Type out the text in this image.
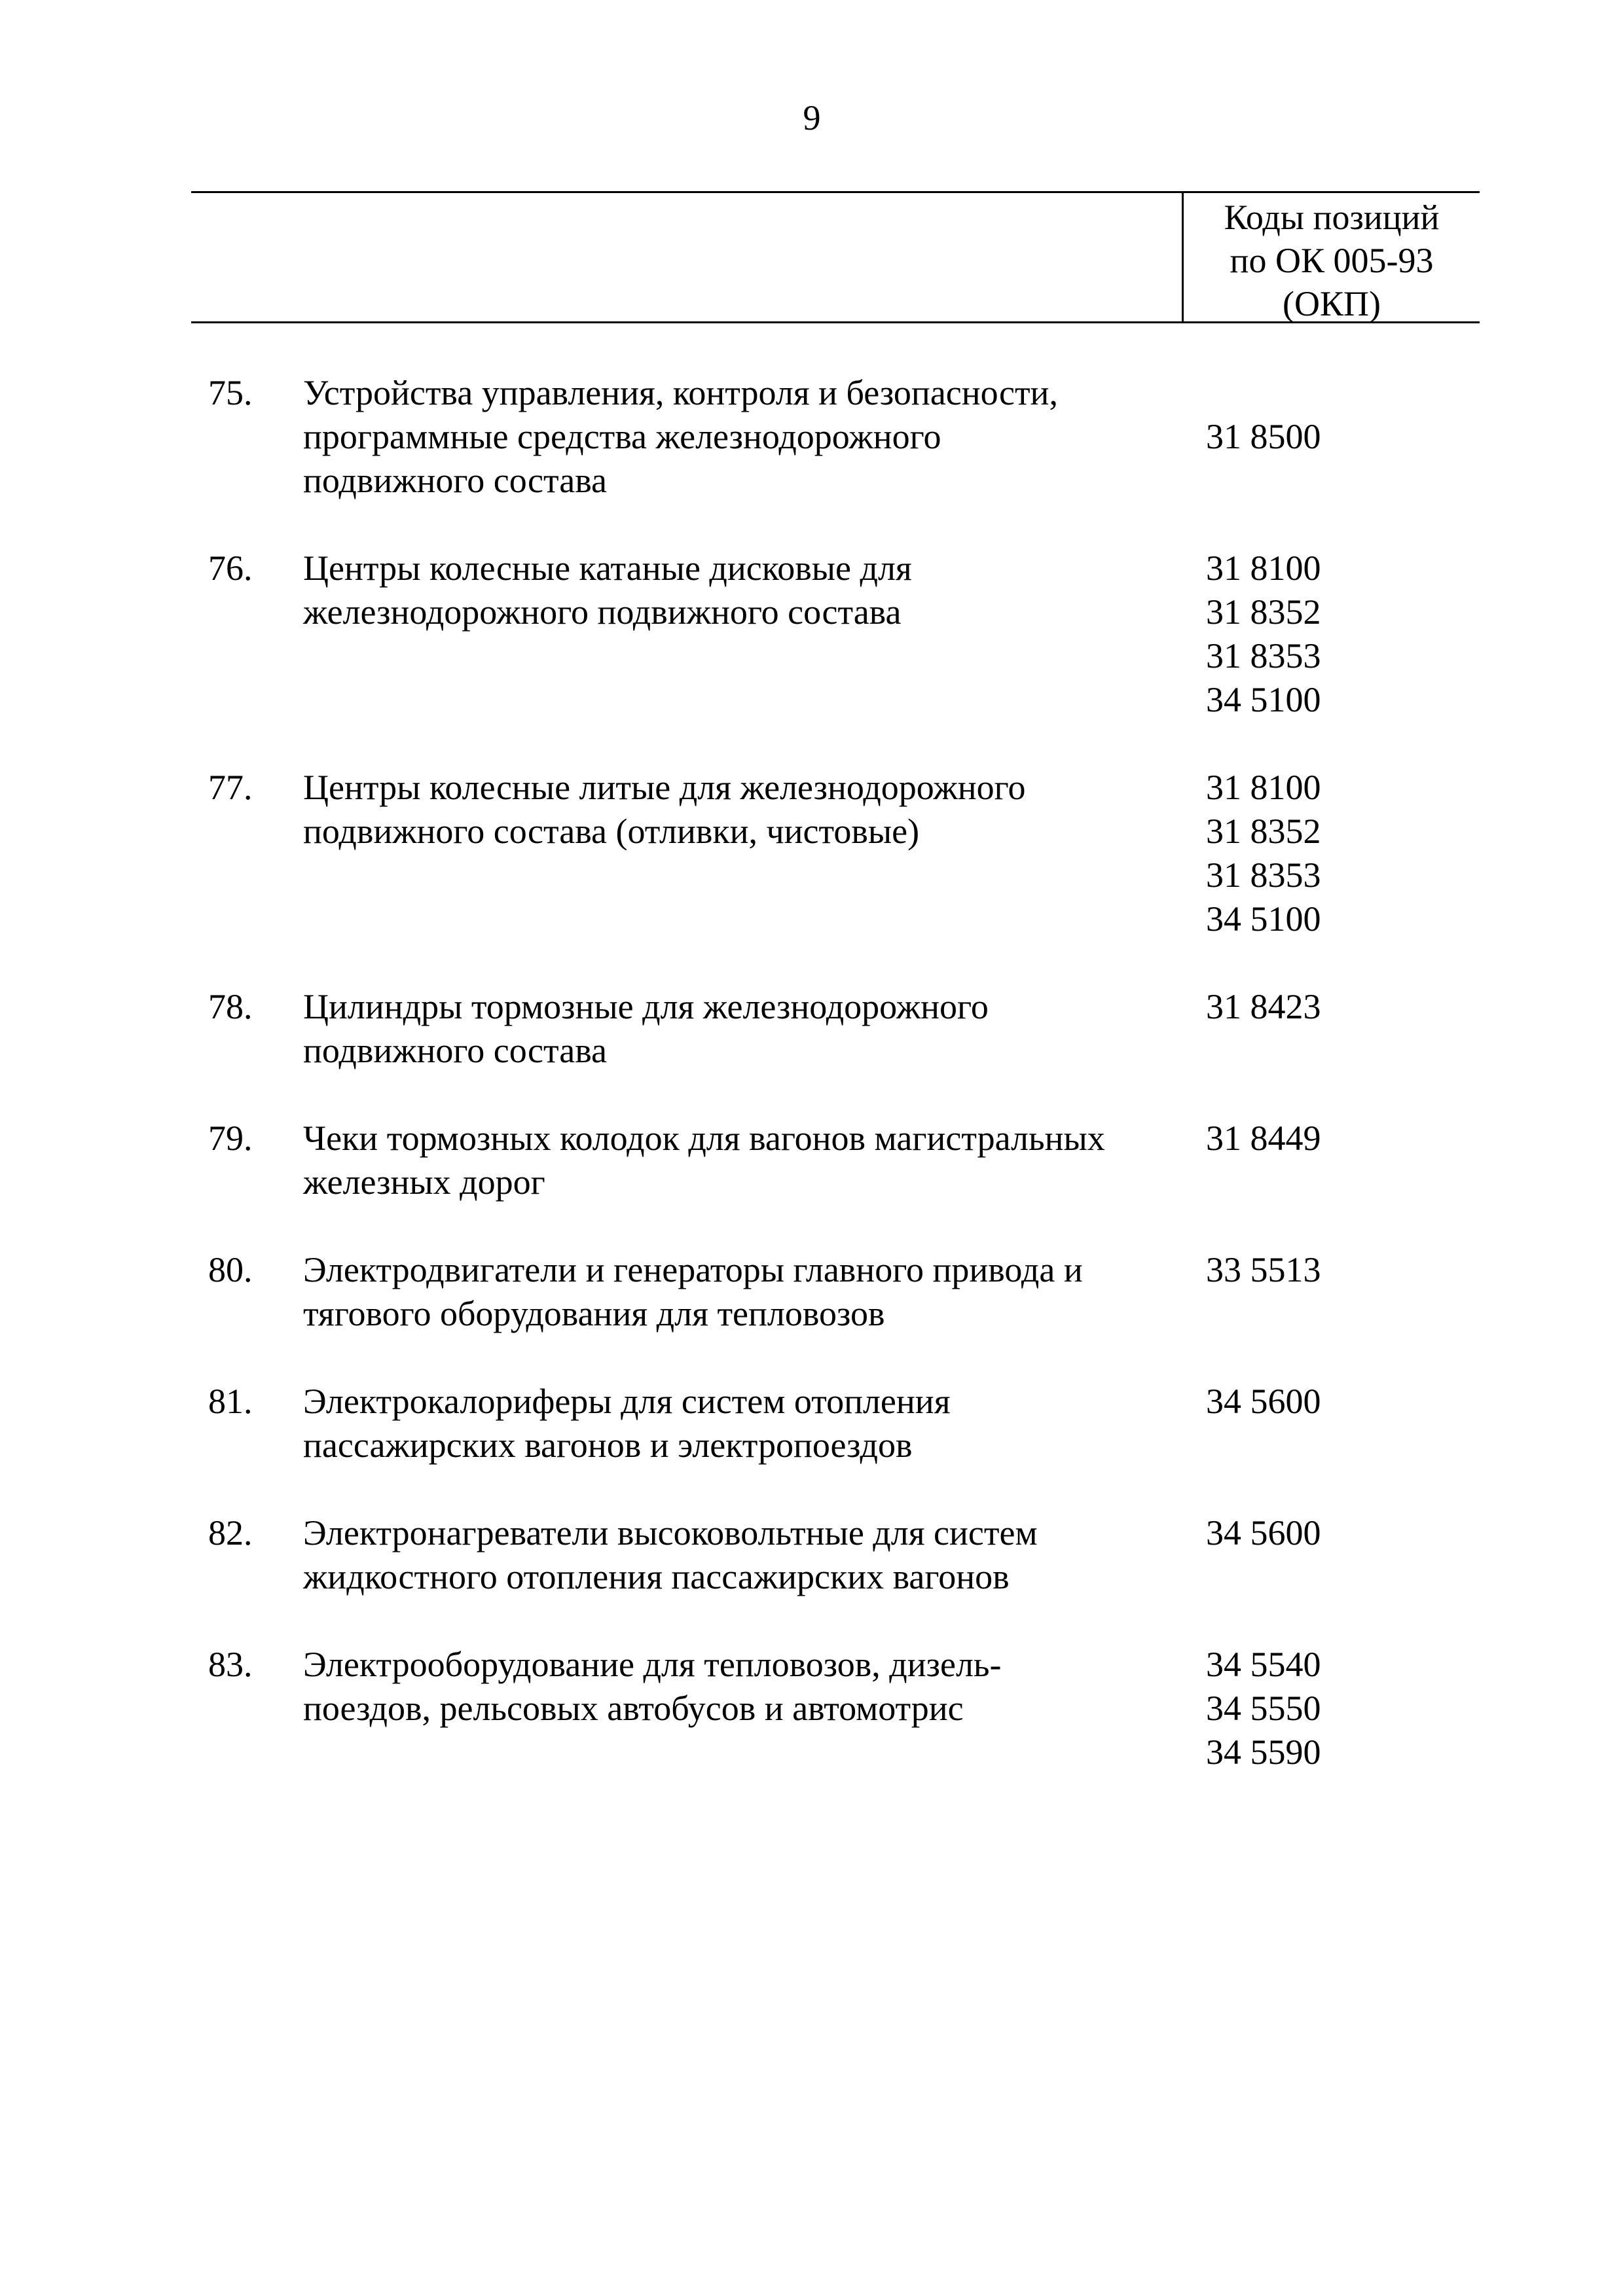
9
Коды позиций
по ОК 005-93
(ОКП)
75. Устройства управления, контроля и безопасности,
программные средства железнодорожного
подвижного состава
31 8500
76. Центры колесные катаные дисковые для
железнодорожного подвижного состава
31 8100
31 8352
31 8353
34 5100
77. Центры колесные литые для железнодорожного
подвижного состава (отливки, чистовые)
31 8100
31 8352
31 8353
34 5100
78. Цилиндры тормозные для железнодорожного
подвижного состава
31 8423
79. Чеки тормозных колодок для вагонов магистральных
железных дорог
31 8449
80. Электродвигатели и генераторы главного привода и
тягового оборудования для тепловозов
33 5513
81. Электрокалориферы для систем отопления
пассажирских вагонов и электропоездов
34 5600
82. Электронагреватели высоковольтные для систем
жидкостного отопления пассажирских вагонов
34 5600
83. Электрооборудование для тепловозов, дизель-
поездов, рельсовых автобусов и автомотрис
34 5540
34 5550
34 5590
